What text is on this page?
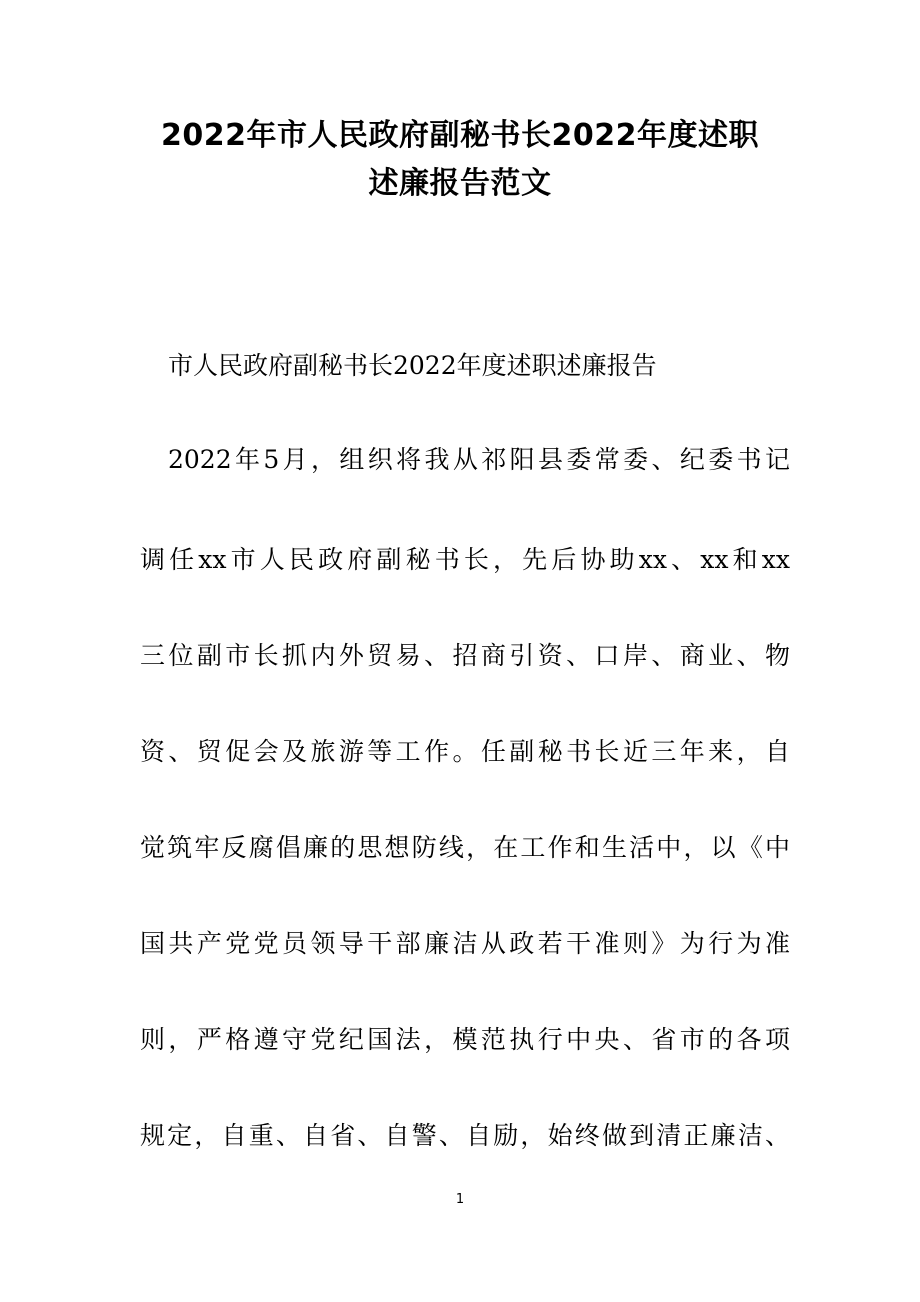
2022年市人民政府副秘书长2022年度述职
述廉报告范文
市人民政府副秘书长2022年度述职述廉报告
2022年5月，组织将我从祁阳县委常委、纪委书记
调任xx市人民政府副秘书长，先后协助xx、xx和xx
三位副市长抓内外贸易、招商引资、口岸、商业、物
资、贸促会及旅游等工作。任副秘书长近三年来，自
觉筑牢反腐倡廉的思想防线，在工作和生活中，以《中
国共产党党员领导干部廉洁从政若干准则》为行为准
则，严格遵守党纪国法，模范执行中央、省市的各项
规定，自重、自省、自警、自励，始终做到清正廉洁、
1
